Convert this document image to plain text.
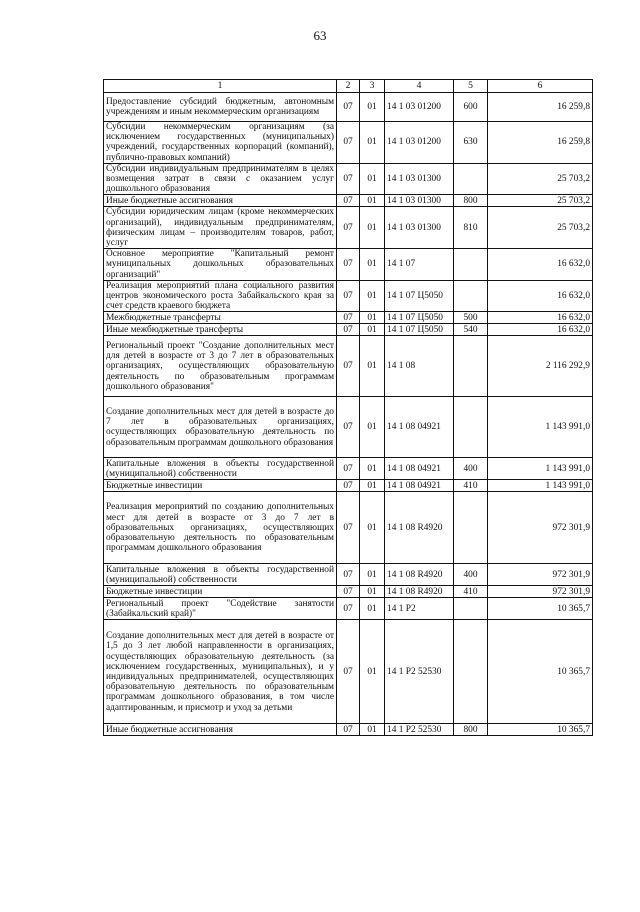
63
1	2	3	4	5	6
Предоставление субсидий бюджетным, автономным учреждениям и иным некоммерческим организациям	07	01	14 1 03 01200	600	16 259,8
Субсидии некоммерческим организациям (за исключением государственных (муниципальных) учреждений, государственных корпораций (компаний), публично-правовых компаний)	07	01	14 1 03 01200	630	16 259,8
Субсидии индивидуальным предпринимателям в целях возмещения затрат в связи с оказанием услуг дошкольного образования	07	01	14 1 03 01300		25 703,2
Иные бюджетные ассигнования	07	01	14 1 03 01300	800	25 703,2
Субсидии юридическим лицам (кроме некоммерческих организаций), индивидуальным предпринимателям, физическим лицам – производителям товаров, работ, услуг	07	01	14 1 03 01300	810	25 703,2
Основное мероприятие "Капитальный ремонт муниципальных дошкольных образовательных организаций"	07	01	14 1 07		16 632,0
Реализация мероприятий плана социального развития центров экономического роста Забайкальского края за счет средств краевого бюджета	07	01	14 1 07 Ц5050		16 632,0
Межбюджетные трансферты	07	01	14 1 07 Ц5050	500	16 632,0
Иные межбюджетные трансферты	07	01	14 1 07 Ц5050	540	16 632,0
Региональный проект "Создание дополнительных мест для детей в возрасте от 3 до 7 лет в образовательных организациях, осуществляющих образовательную деятельность по образовательным программам дошкольного образования"	07	01	14 1 08		2 116 292,9
Создание дополнительных мест для детей в возрасте до 7 лет в образовательных организациях, осуществляющих образовательную деятельность по образовательным программам дошкольного образования	07	01	14 1 08 04921		1 143 991,0
Капитальные вложения в объекты государственной (муниципальной) собственности	07	01	14 1 08 04921	400	1 143 991,0
Бюджетные инвестиции	07	01	14 1 08 04921	410	1 143 991,0
Реализация мероприятий по созданию дополнительных мест для детей в возрасте от 3 до 7 лет в образовательных организациях, осуществляющих образовательную деятельность по образовательным программам дошкольного образования	07	01	14 1 08 R4920		972 301,9
Капитальные вложения в объекты государственной (муниципальной) собственности	07	01	14 1 08 R4920	400	972 301,9
Бюджетные инвестиции	07	01	14 1 08 R4920	410	972 301,9
Региональный проект "Содействие занятости (Забайкальский край)"	07	01	14 1 P2		10 365,7
Создание дополнительных мест для детей в возрасте от 1,5 до 3 лет любой направленности в организациях, осуществляющих образовательную деятельность (за исключением государственных, муниципальных), и у индивидуальных предпринимателей, осуществляющих образовательную деятельность по образовательным программам дошкольного образования, в том числе адаптированным, и присмотр и уход за детьми	07	01	14 1 P2 52530		10 365,7
Иные бюджетные ассигнования	07	01	14 1 P2 52530	800	10 365,7
